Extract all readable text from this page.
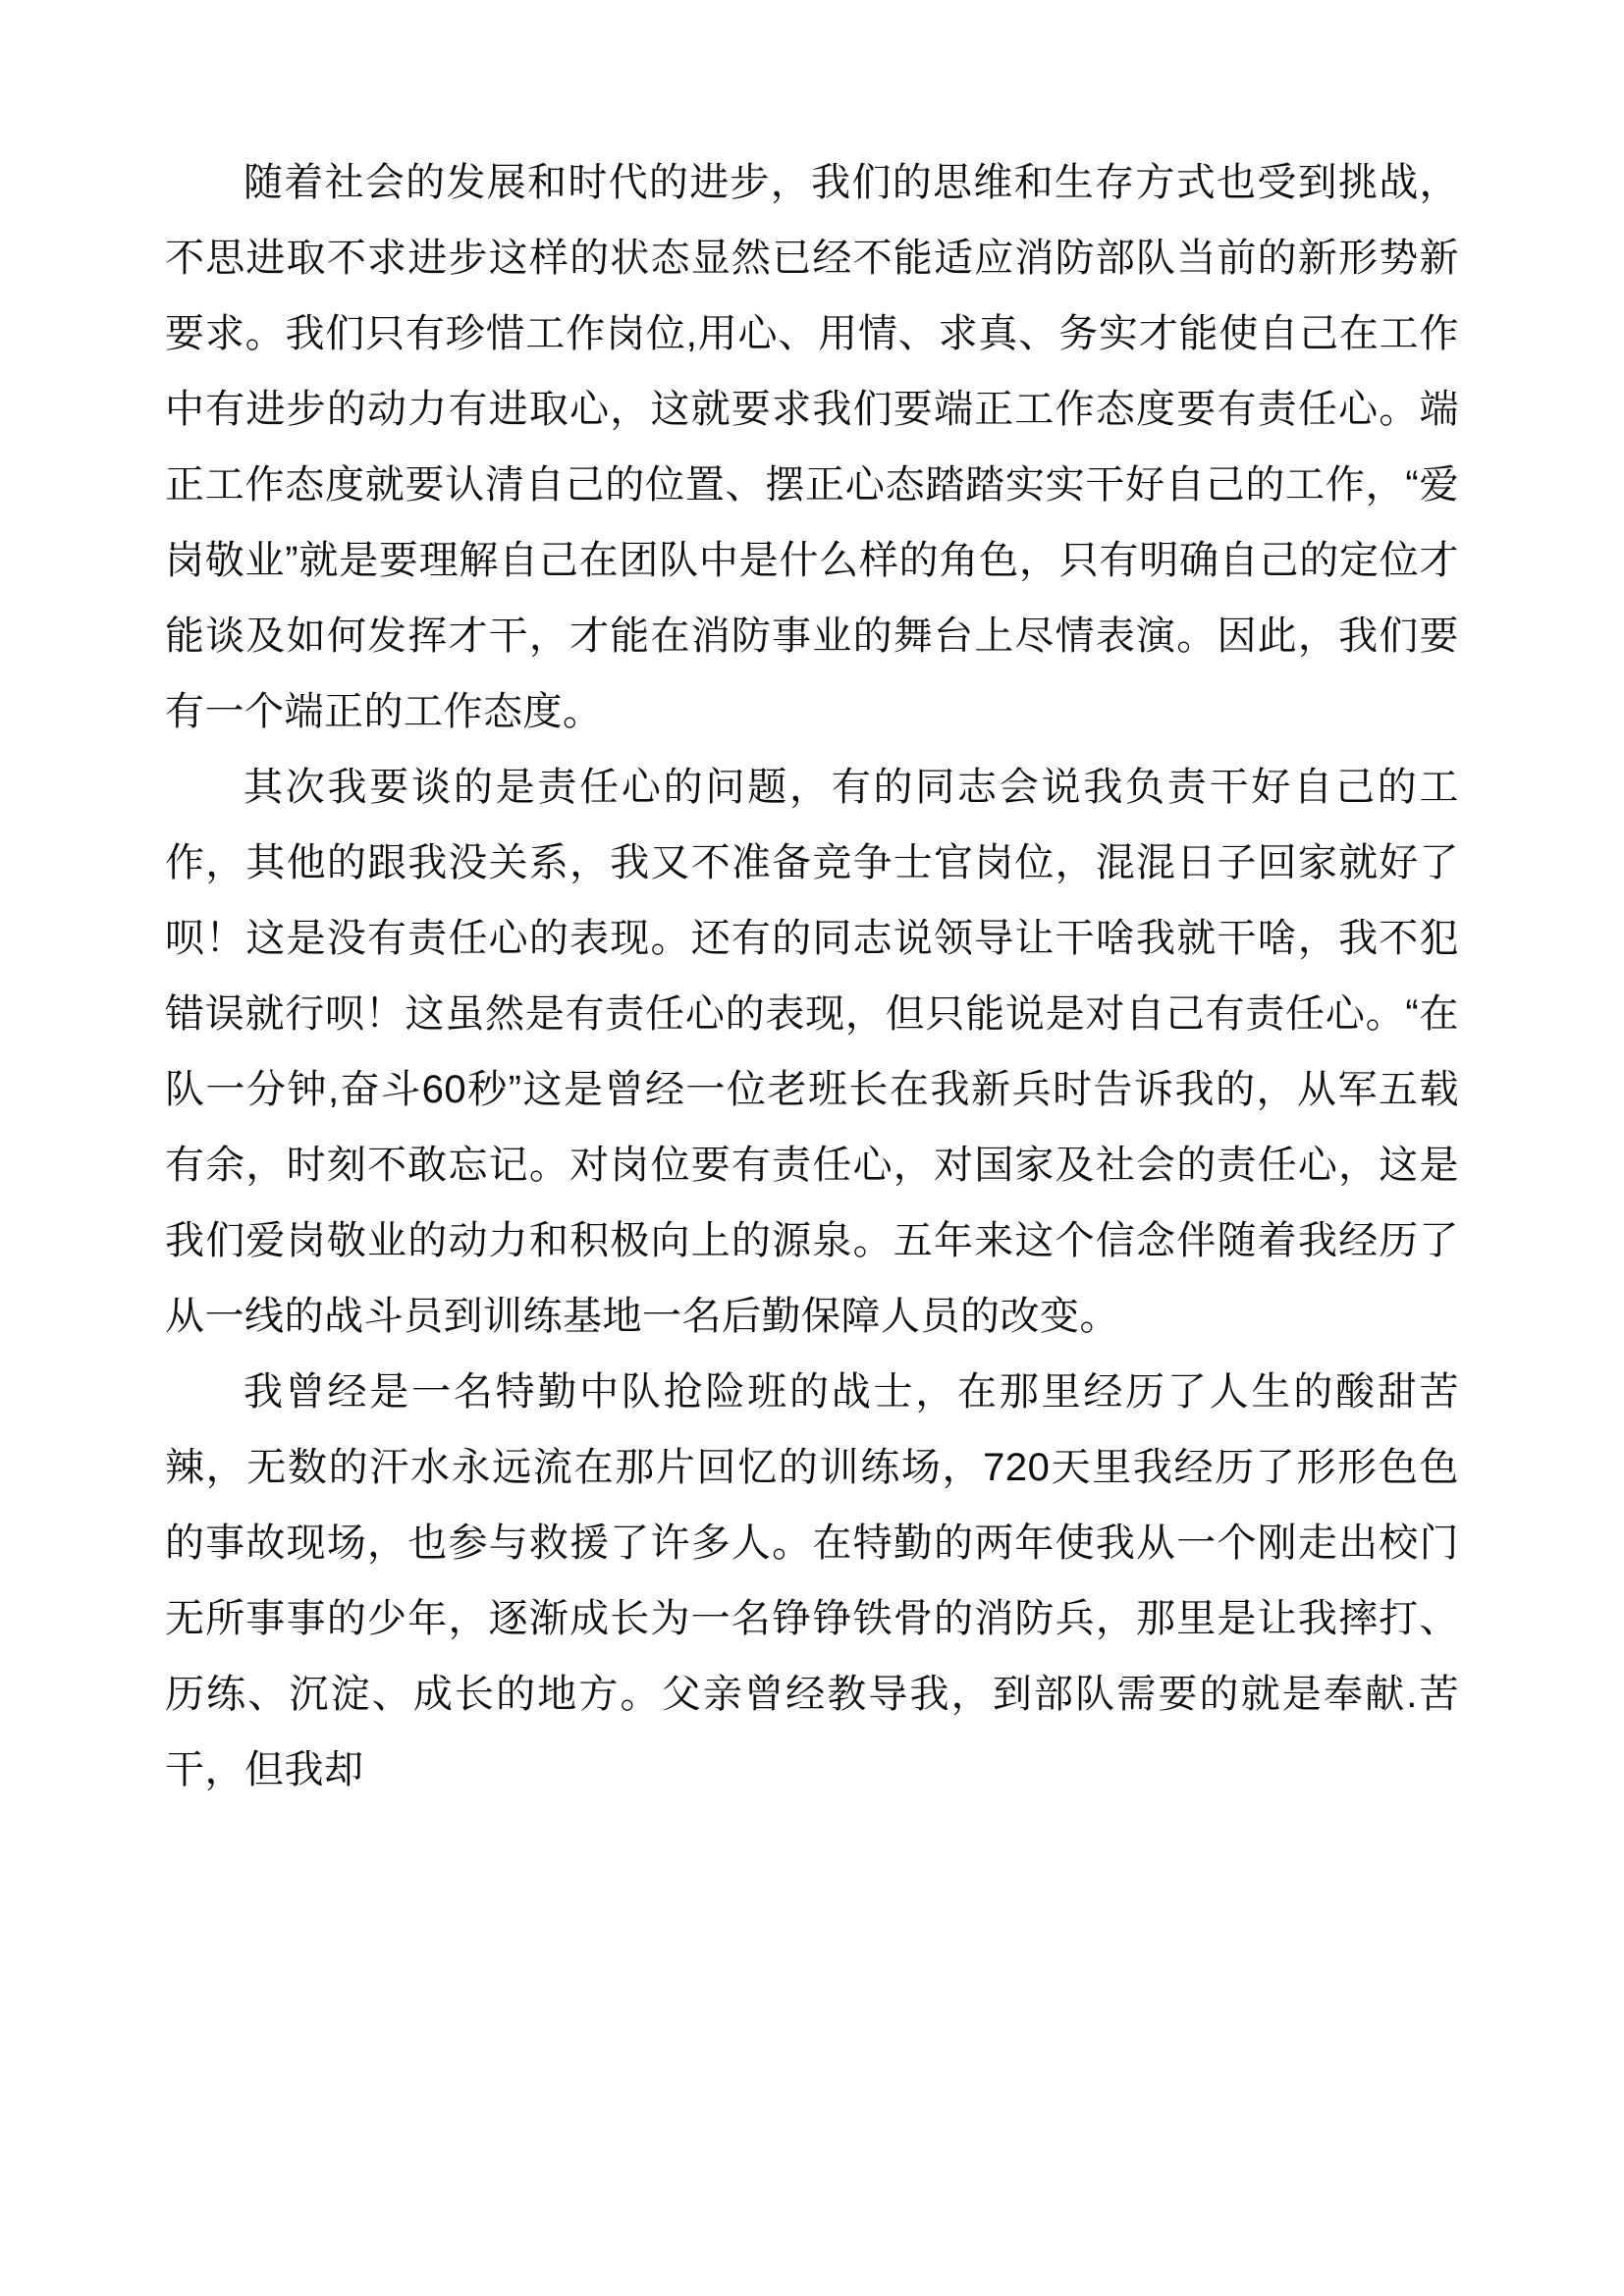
随着社会的发展和时代的进步，我们的思维和生存方式也受到挑战，不思进取不求进步这样的状态显然已经不能适应消防部队当前的新形势新要求。我们只有珍惜工作岗位,用心、用情、求真、务实才能使自己在工作中有进步的动力有进取心，这就要求我们要端正工作态度要有责任心。端正工作态度就要认清自己的位置、摆正心态踏踏实实干好自己的工作，“爱岗敬业”就是要理解自己在团队中是什么样的角色，只有明确自己的定位才能谈及如何发挥才干，才能在消防事业的舞台上尽情表演。因此，我们要有一个端正的工作态度。

其次我要谈的是责任心的问题，有的同志会说我负责干好自己的工作，其他的跟我没关系，我又不准备竞争士官岗位，混混日子回家就好了呗！这是没有责任心的表现。还有的同志说领导让干啥我就干啥，我不犯错误就行呗！这虽然是有责任心的表现，但只能说是对自己有责任心。“在队一分钟,奋斗60秒”这是曾经一位老班长在我新兵时告诉我的，从军五载有余，时刻不敢忘记。对岗位要有责任心，对国家及社会的责任心，这是我们爱岗敬业的动力和积极向上的源泉。五年来这个信念伴随着我经历了从一线的战斗员到训练基地一名后勤保障人员的改变。

我曾经是一名特勤中队抢险班的战士，在那里经历了人生的酸甜苦辣，无数的汗水永远流在那片回忆的训练场，720天里我经历了形形色色的事故现场，也参与救援了许多人。在特勤的两年使我从一个刚走出校门无所事事的少年，逐渐成长为一名铮铮铁骨的消防兵，那里是让我摔打、历练、沉淀、成长的地方。父亲曾经教导我，到部队需要的就是奉献.苦干，但我却
